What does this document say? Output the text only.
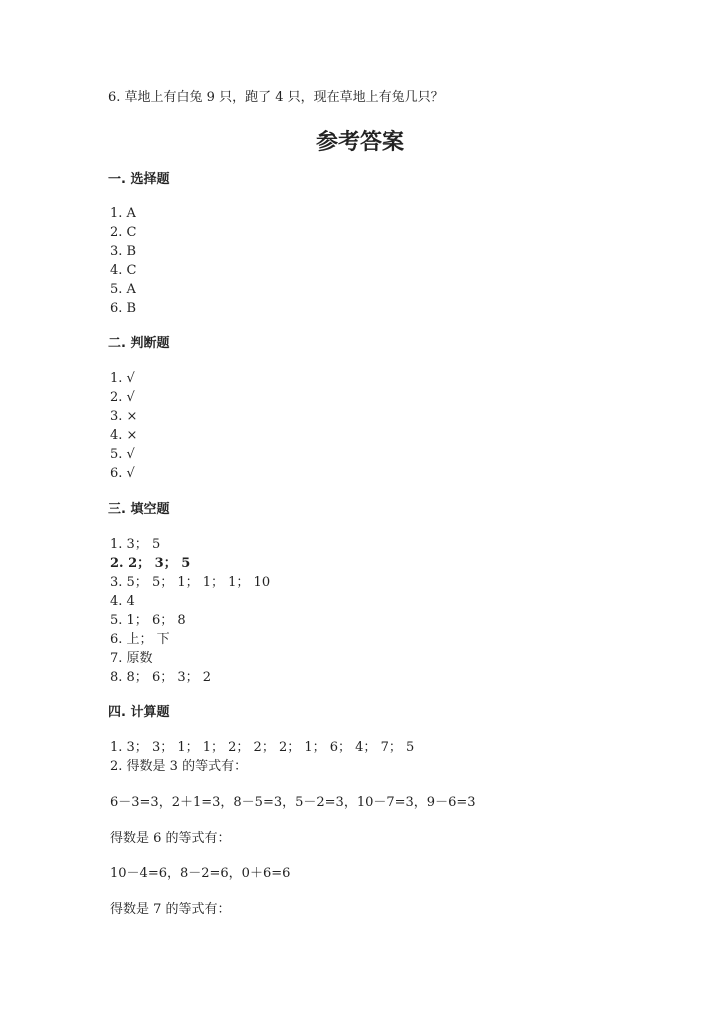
6. 草地上有白兔 9 只，跑了 4 只，现在草地上有兔几只？
参考答案
一. 选择题
1. A
2. C
3. B
4. C
5. A
6. B
二. 判断题
1. √
2. √
3. ×
4. ×
5. √
6. √
三. 填空题
1. 3； 5
2. 2； 3； 5
3. 5； 5； 1； 1； 1； 10
4. 4
5. 1； 6； 8
6. 上； 下
7. 原数
8. 8； 6； 3； 2
四. 计算题
1. 3； 3； 1； 1； 2； 2； 2； 1； 6； 4； 7； 5
2. 得数是 3 的等式有：
6－3=3，2＋1=3，8－5=3，5－2=3，10－7=3，9－6=3
得数是 6 的等式有：
10－4=6，8－2=6，0＋6=6
得数是 7 的等式有：
